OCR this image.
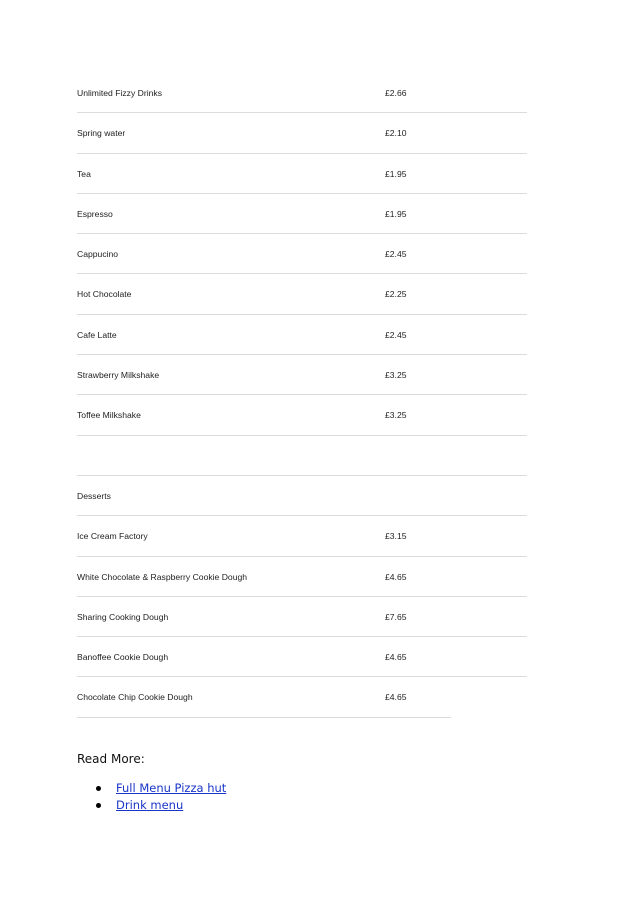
Unlimited Fizzy Drinks	£2.66
Spring water	£2.10
Tea	£1.95
Espresso	£1.95
Cappucino	£2.45
Hot Chocolate	£2.25
Cafe Latte	£2.45
Strawberry Milkshake	£3.25
Toffee Milkshake	£3.25
Desserts
Ice Cream Factory	£3.15
White Chocolate & Raspberry Cookie Dough	£4.65
Sharing Cooking Dough	£7.65
Banoffee Cookie Dough	£4.65
Chocolate Chip Cookie Dough	£4.65
Read More:
Full Menu Pizza hut
Drink menu
